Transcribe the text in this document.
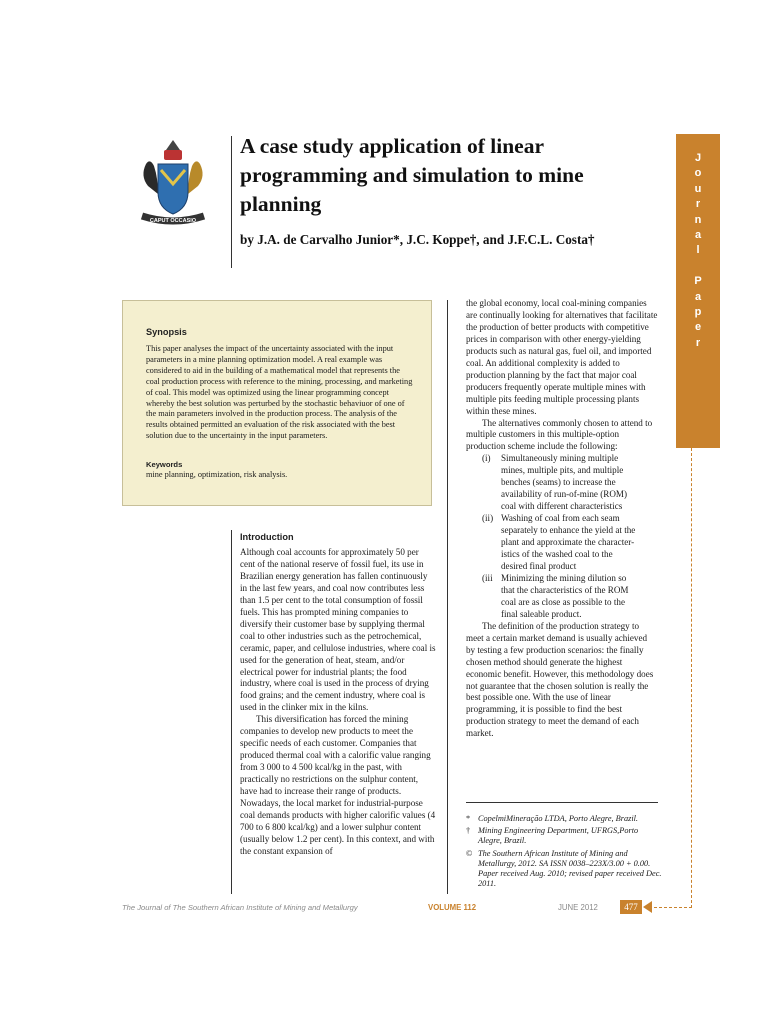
CAPUT OCCASIO
A case study application of linear programming and simulation to mine planning
by J.A. de Carvalho Junior*, J.C. Koppe†, and J.F.C.L. Costa†
J
o
u
r
n
a
l
P
a
p
e
r
Synopsis
This paper analyses the impact of the uncertainty associated with the input parameters in a mine planning optimization model. A real example was considered to aid in the building of a mathematical model that represents the coal production process with reference to the mining, processing, and marketing of coal. This model was optimized using the linear programming concept whereby the best solution was perturbed by the stochastic behaviuor of one of the main parameters involved in the production process. The analysis of the results obtained permitted an evaluation of the risk associated with the best solution due to the uncertainty in the input parameters.
Keywords
mine planning, optimization, risk analysis.
Introduction

Although coal accounts for approximately 50 per cent of the national reserve of fossil fuel, its use in Brazilian energy generation has fallen continuously in the last few years, and coal now contributes less than 1.5 per cent to the total consumption of fossil fuels. This has prompted mining companies to diversify their customer base by supplying thermal coal to other industries such as the petrochemical, ceramic, paper, and cellulose industries, where coal is used for the generation of heat, steam, and/or electrical power for industrial plants; the food industry, where coal is used in the process of drying food grains; and the cement industry, where coal is used in the clinker mix in the kilns.

This diversification has forced the mining companies to develop new products to meet the specific needs of each customer. Companies that produced thermal coal with a calorific value ranging from 3 000 to 4 500 kcal/kg in the past, with practically no restrictions on the sulphur content, have had to increase their range of products. Nowadays, the local market for industrial-purpose coal demands products with higher calorific values (4 700 to 6 800 kcal/kg) and a lower sulphur content (usually below 1.2 per cent). In this context, and with the constant expansion of

the global economy, local coal-mining companies are continually looking for alternatives that facilitate the production of better products with competitive prices in comparison with other energy-yielding products such as natural gas, fuel oil, and imported coal. An additional complexity is added to production planning by the fact that major coal producers frequently operate multiple mines with multiple pits feeding multiple processing plants within these mines.

The alternatives commonly chosen to attend to multiple customers in this multiple-option production scheme include the following:

(i)	Simultaneously mining multiple
mines, multiple pits, and multiple
benches (seams) to increase the
availability of run-of-mine (ROM)
coal with different characteristics
(ii) Washing of coal from each seam
separately to enhance the yield at the
plant and approximate the character-
istics of the washed coal to the
desired final product
(iii Minimizing the mining dilution so
that the characteristics of the ROM
coal are as close as possible to the
final saleable product.

The definition of the production strategy to meet a certain market demand is usually achieved by testing a few production scenarios: the finally chosen method should generate the highest economic benefit. However, this methodology does not guarantee that the chosen solution is really the best possible one. With the use of linear programming, it is possible to find the best production strategy to meet the demand of each market.

* CopelmiMineração LTDA, Porto Alegre, Brazil.
† Mining Engineering Department, UFRGS,Porto Alegre, Brazil.
© The Southern African Institute of Mining and Metallurgy, 2012. SA ISSN 0038–223X/3.00 + 0.00. Paper received Aug. 2010; revised paper received Dec. 2011.
The Journal of The Southern African Institute of Mining and Metallurgy	VOLUME 112	JUNE 2012	477
